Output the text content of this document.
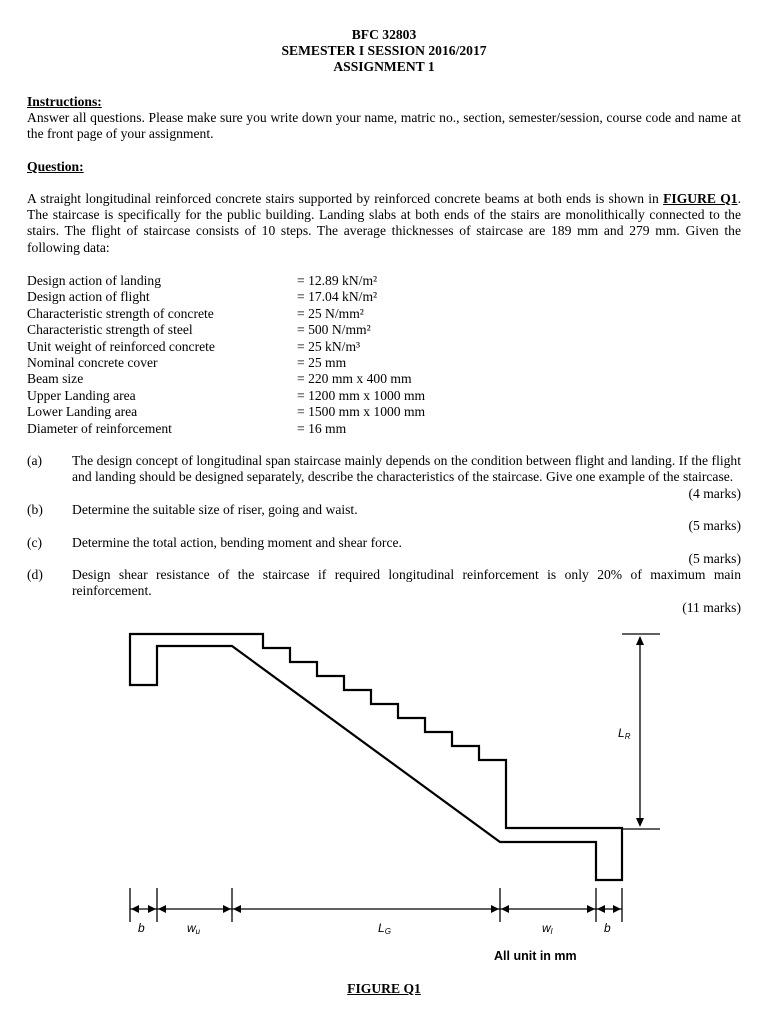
BFC 32803
SEMESTER I SESSION 2016/2017
ASSIGNMENT 1
Instructions:
Answer all questions. Please make sure you write down your name, matric no., section, semester/session, course code and name at the front page of your assignment.
Question:
A straight longitudinal reinforced concrete stairs supported by reinforced concrete beams at both ends is shown in FIGURE Q1. The staircase is specifically for the public building. Landing slabs at both ends of the stairs are monolithically connected to the stairs. The flight of staircase consists of 10 steps. The average thicknesses of staircase are 189 mm and 279 mm. Given the following data:
Design action of landing	= 12.89 kN/m²
Design action of flight	= 17.04 kN/m²
Characteristic strength of concrete	= 25 N/mm²
Characteristic strength of steel	= 500 N/mm²
Unit weight of reinforced concrete	= 25 kN/m³
Nominal concrete cover	= 25 mm
Beam size	= 220 mm x 400 mm
Upper Landing area	= 1200 mm x 1000 mm
Lower Landing area	= 1500 mm x 1000 mm
Diameter of reinforcement	= 16 mm
(a) The design concept of longitudinal span staircase mainly depends on the condition between flight and landing. If the flight and landing should be designed separately, describe the characteristics of the staircase. Give one example of the staircase.
(4 marks)
(b) Determine the suitable size of riser, going and waist.
(5 marks)
(c) Determine the total action, bending moment and shear force.
(5 marks)
(d) Design shear resistance of the staircase if required longitudinal reinforcement is only 20% of maximum main reinforcement.
(11 marks)
b	wu	LG	wl	b
LR
All unit in mm
FIGURE Q1
